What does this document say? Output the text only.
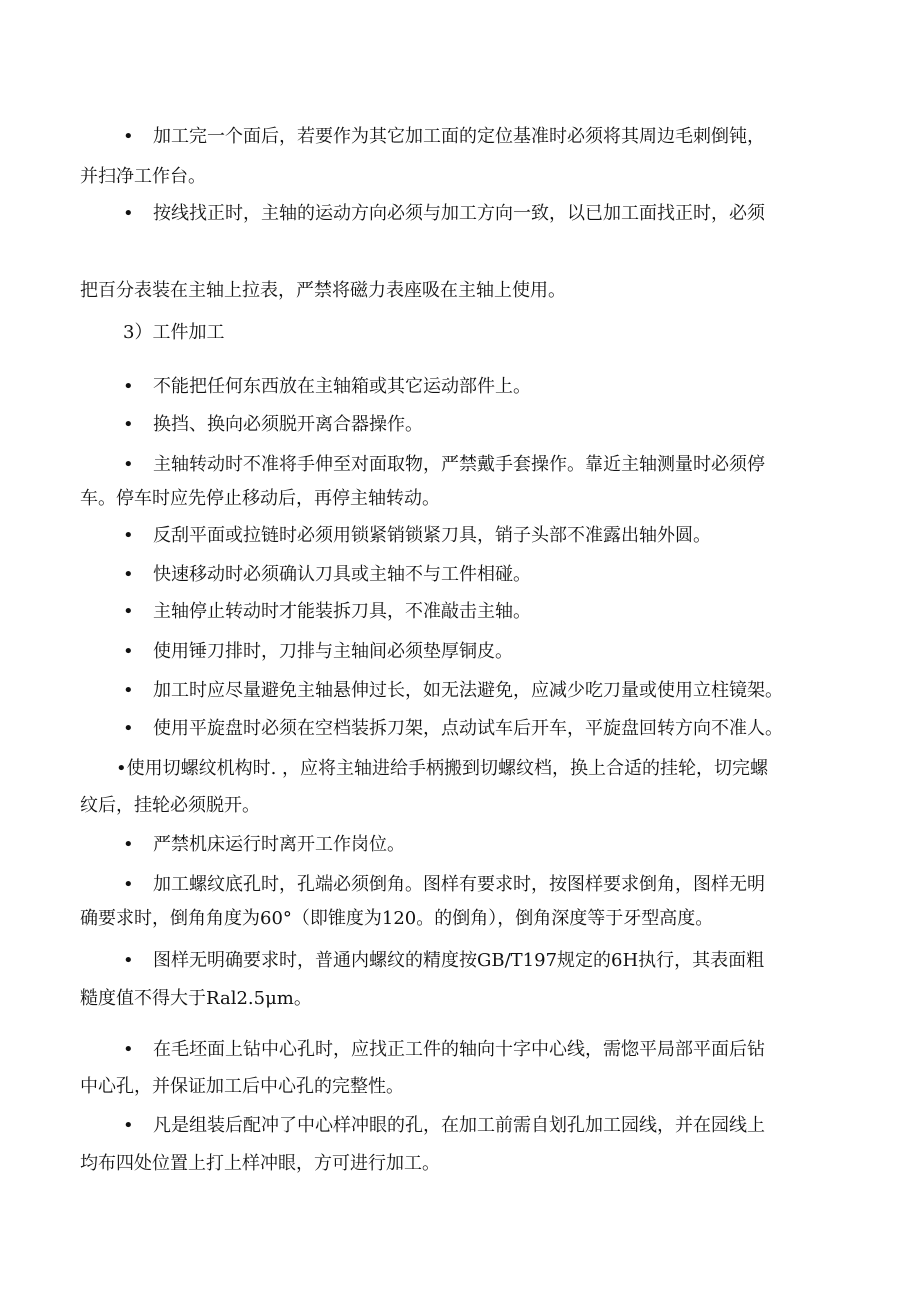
• 加工完一个面后，若要作为其它加工面的定位基准时必须将其周边毛刺倒钝，
并扫净工作台。
• 按线找正时，主轴的运动方向必须与加工方向一致，以已加工面找正时，必须
把百分表装在主轴上拉表，严禁将磁力表座吸在主轴上使用。
3）工件加工
• 不能把任何东西放在主轴箱或其它运动部件上。
• 换挡、换向必须脱开离合器操作。
• 主轴转动时不准将手伸至对面取物，严禁戴手套操作。靠近主轴测量时必须停
车。停车时应先停止移动后，再停主轴转动。
• 反刮平面或拉链时必须用锁紧销锁紧刀具，销子头部不准露出轴外圆。
• 快速移动时必须确认刀具或主轴不与工件相碰。
• 主轴停止转动时才能装拆刀具，不准敲击主轴。
• 使用锤刀排时，刀排与主轴间必须垫厚铜皮。
• 加工时应尽量避免主轴悬伸过长，如无法避免，应减少吃刀量或使用立柱镜架。
• 使用平旋盘时必须在空档装拆刀架，点动试车后开车，平旋盘回转方向不准人。
•使用切螺纹机构时. ，应将主轴进给手柄搬到切螺纹档，换上合适的挂轮，切完螺
纹后，挂轮必须脱开。
• 严禁机床运行时离开工作岗位。
• 加工螺纹底孔时，孔端必须倒角。图样有要求时，按图样要求倒角，图样无明
确要求时，倒角角度为60°（即锥度为120。的倒角），倒角深度等于牙型高度。
• 图样无明确要求时，普通内螺纹的精度按GB/T197规定的6H执行，其表面粗
糙度值不得大于Ral2.5μm。
• 在毛坯面上钻中心孔时，应找正工件的轴向十字中心线，需惚平局部平面后钻
中心孔，并保证加工后中心孔的完整性。
• 凡是组装后配冲了中心样冲眼的孔，在加工前需自划孔加工园线，并在园线上
均布四处位置上打上样冲眼，方可进行加工。
